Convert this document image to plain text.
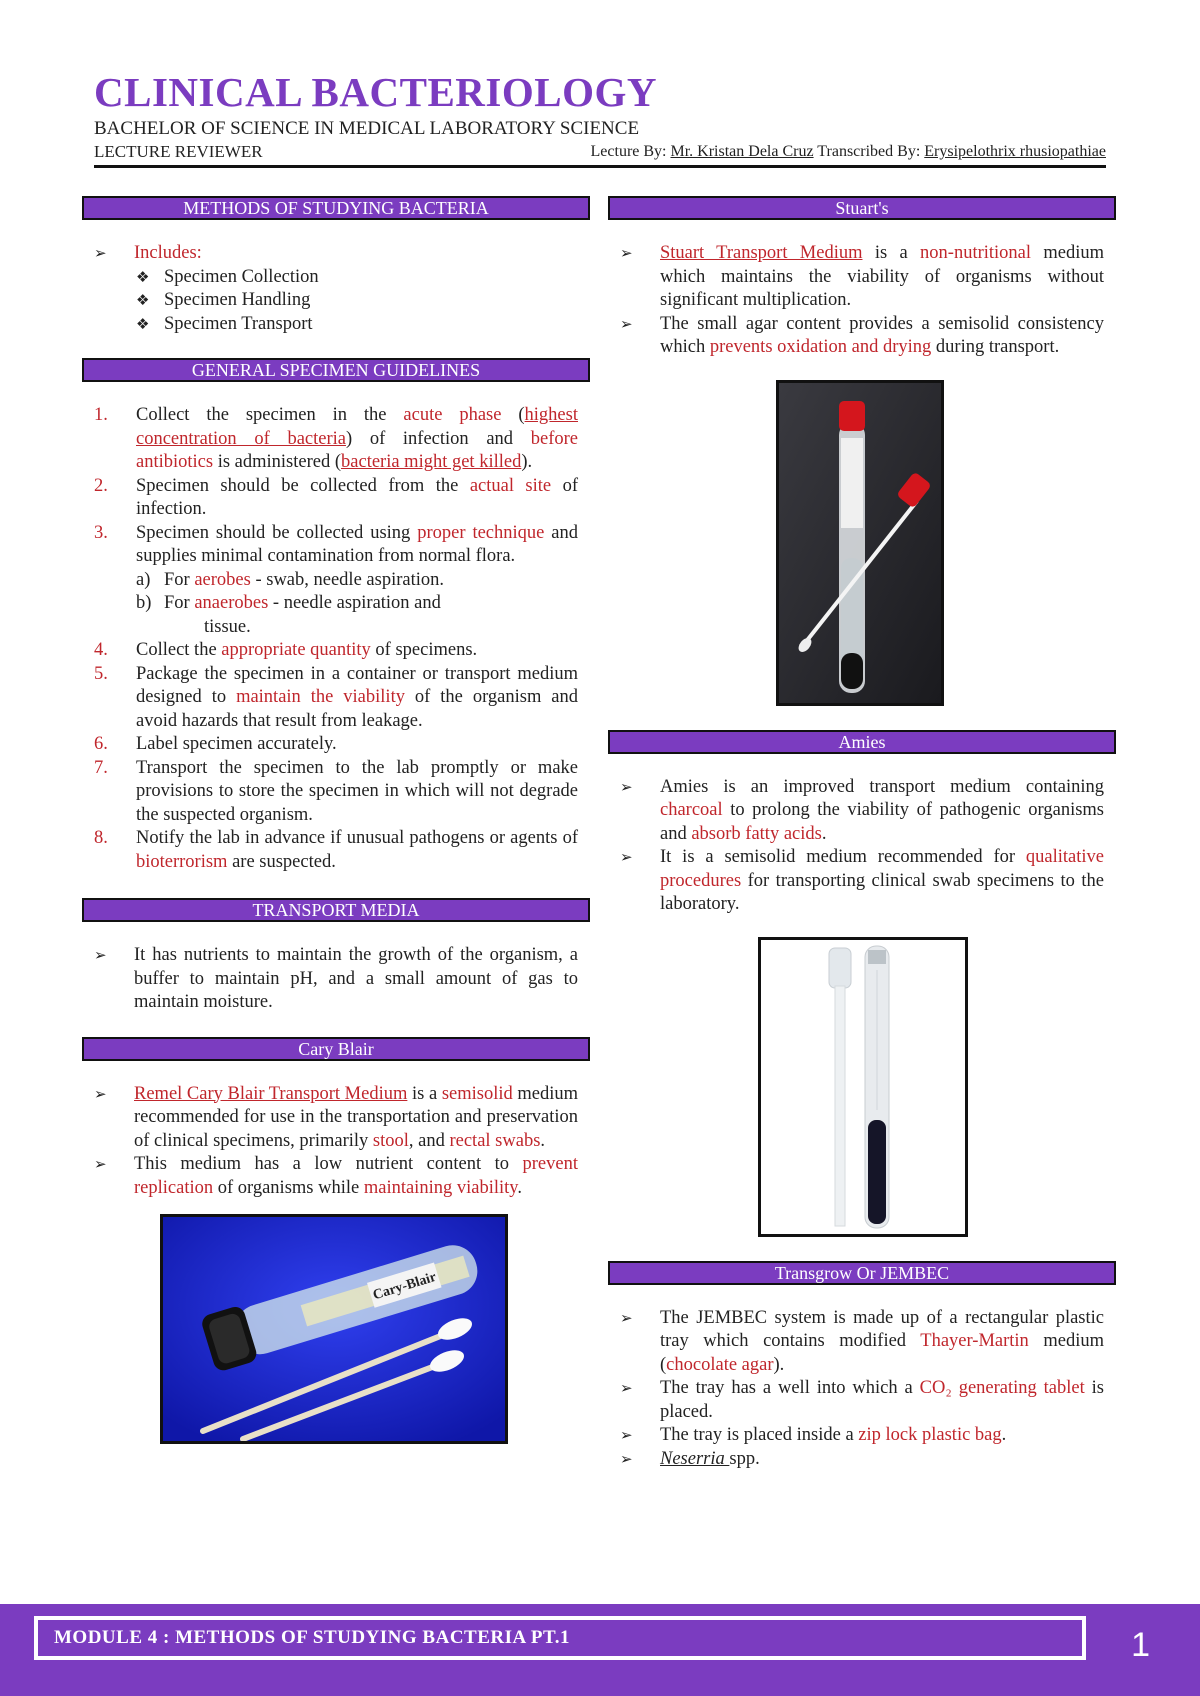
CLINICAL BACTERIOLOGY
BACHELOR OF SCIENCE IN MEDICAL LABORATORY SCIENCE
LECTURE REVIEWER	Lecture By: Mr. Kristan Dela Cruz Transcribed By: Erysipelothrix rhusiopathiae
METHODS OF STUDYING BACTERIA
➢ Includes:
❖ Specimen Collection
❖ Specimen Handling
❖ Specimen Transport
GENERAL SPECIMEN GUIDELINES
1. Collect the specimen in the acute phase (highest concentration of bacteria) of infection and before antibiotics is administered (bacteria might get killed).
2. Specimen should be collected from the actual site of infection.
3. Specimen should be collected using proper technique and supplies minimal contamination from normal flora.
a) For aerobes - swab, needle aspiration.
b) For anaerobes - needle aspiration and
tissue.
4. Collect the appropriate quantity of specimens.
5. Package the specimen in a container or transport medium designed to maintain the viability of the organism and avoid hazards that result from leakage.
6. Label specimen accurately.
7. Transport the specimen to the lab promptly or make provisions to store the specimen in which will not degrade the suspected organism.
8. Notify the lab in advance if unusual pathogens or agents of bioterrorism are suspected.
TRANSPORT MEDIA
➢ It has nutrients to maintain the growth of the organism, a buffer to maintain pH, and a small amount of gas to maintain moisture.
Cary Blair
➢ Remel Cary Blair Transport Medium is a semisolid medium recommended for use in the transportation and preservation of clinical specimens, primarily stool, and rectal swabs.
➢ This medium has a low nutrient content to prevent replication of organisms while maintaining viability.
Cary-Blair
Stuart's
➢ Stuart Transport Medium is a non-nutritional medium which maintains the viability of organisms without significant multiplication.
➢ The small agar content provides a semisolid consistency which prevents oxidation and drying during transport.
Amies
➢ Amies is an improved transport medium containing charcoal to prolong the viability of pathogenic organisms and absorb fatty acids.
➢ It is a semisolid medium recommended for qualitative procedures for transporting clinical swab specimens to the laboratory.
Transgrow Or JEMBEC
➢ The JEMBEC system is made up of a rectangular plastic tray which contains modified Thayer-Martin medium (chocolate agar).
➢ The tray has a well into which a CO₂ generating tablet is placed.
➢ The tray is placed inside a zip lock plastic bag.
➢ Neserria spp.
MODULE 4 : METHODS OF STUDYING BACTERIA PT.1	1
